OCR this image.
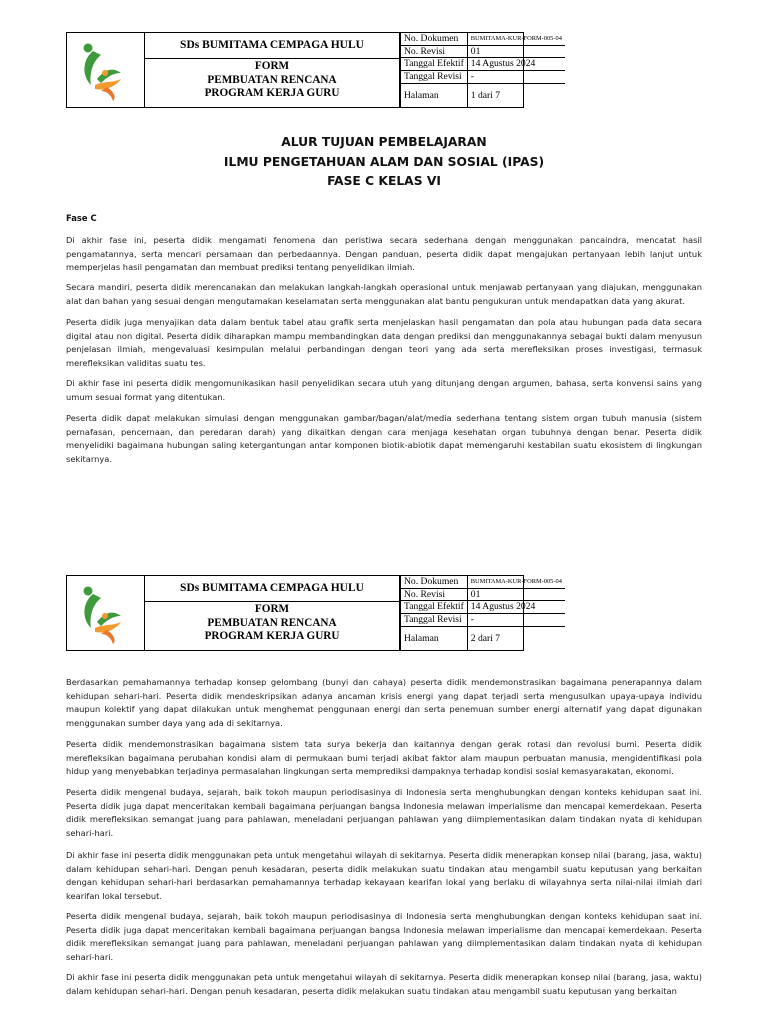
SDs BUMITAMA CEMPAGA HULU
FORM
PEMBUATAN RENCANA
PROGRAM KERJA GURU
No. Dokumen	BUMITAMA-KUR-FORM-005-04
No. Revisi	01
Tanggal Efektif	14 Agustus 2024
Tanggal Revisi	-
Halaman	1 dari 7
ALUR TUJUAN PEMBELAJARAN
ILMU PENGETAHUAN ALAM DAN SOSIAL (IPAS)
FASE C KELAS VI
Fase C

Di akhir fase ini, peserta didik mengamati fenomena dan peristiwa secara sederhana dengan menggunakan pancaindra, mencatat hasil pengamatannya, serta mencari persamaan dan perbedaannya. Dengan panduan, peserta didik dapat mengajukan pertanyaan lebih lanjut untuk memperjelas hasil pengamatan dan membuat prediksi tentang penyelidikan ilmiah.

Secara mandiri, peserta didik merencanakan dan melakukan langkah-langkah operasional untuk menjawab pertanyaan yang diajukan, menggunakan alat dan bahan yang sesuai dengan mengutamakan keselamatan serta menggunakan alat bantu pengukuran untuk mendapatkan data yang akurat.

Peserta didik juga menyajikan data dalam bentuk tabel atau grafik serta menjelaskan hasil pengamatan dan pola atau hubungan pada data secara digital atau non digital. Peserta didik diharapkan mampu membandingkan data dengan prediksi dan menggunakannya sebagai bukti dalam menyusun penjelasan ilmiah, mengevaluasi kesimpulan melalui perbandingan dengan teori yang ada serta merefleksikan proses investigasi, termasuk merefleksikan validitas suatu tes.

Di akhir fase ini peserta didik mengomunikasikan hasil penyelidikan secara utuh yang ditunjang dengan argumen, bahasa, serta konvensi sains yang umum sesuai format yang ditentukan.

Peserta didik dapat melakukan simulasi dengan menggunakan gambar/bagan/alat/media sederhana tentang sistem organ tubuh manusia (sistem pernafasan, pencernaan, dan peredaran darah) yang dikaitkan dengan cara menjaga kesehatan organ tubuhnya dengan benar. Peserta didik menyelidiki bagaimana hubungan saling ketergantungan antar komponen biotik-abiotik dapat memengaruhi kestabilan suatu ekosistem di lingkungan sekitarnya.

SDs BUMITAMA CEMPAGA HULU
FORM
PEMBUATAN RENCANA
PROGRAM KERJA GURU
No. Dokumen	BUMITAMA-KUR-FORM-005-04
No. Revisi	01
Tanggal Efektif	14 Agustus 2024
Tanggal Revisi	-
Halaman	2 dari 7

Berdasarkan pemahamannya terhadap konsep gelombang (bunyi dan cahaya) peserta didik mendemonstrasikan bagaimana penerapannya dalam kehidupan sehari-hari. Peserta didik mendeskripsikan adanya ancaman krisis energi yang dapat terjadi serta mengusulkan upaya-upaya individu maupun kolektif yang dapat dilakukan untuk menghemat penggunaan energi dan serta penemuan sumber energi alternatif yang dapat digunakan menggunakan sumber daya yang ada di sekitarnya.

Peserta didik mendemonstrasikan bagaimana sistem tata surya bekerja dan kaitannya dengan gerak rotasi dan revolusi bumi. Peserta didik merefleksikan bagaimana perubahan kondisi alam di permukaan bumi terjadi akibat faktor alam maupun perbuatan manusia, mengidentifikasi pola hidup yang menyebabkan terjadinya permasalahan lingkungan serta memprediksi dampaknya terhadap kondisi sosial kemasyarakatan, ekonomi.

Peserta didik mengenal budaya, sejarah, baik tokoh maupun periodisasinya di Indonesia serta menghubungkan dengan konteks kehidupan saat ini. Peserta didik juga dapat menceritakan kembali bagaimana perjuangan bangsa Indonesia melawan imperialisme dan mencapai kemerdekaan. Peserta didik merefleksikan semangat juang para pahlawan, meneladani perjuangan pahlawan yang diimplementasikan dalam tindakan nyata di kehidupan sehari-hari.

Di akhir fase ini peserta didik menggunakan peta untuk mengetahui wilayah di sekitarnya. Peserta didik menerapkan konsep nilai (barang, jasa, waktu) dalam kehidupan sehari-hari. Dengan penuh kesadaran, peserta didik melakukan suatu tindakan atau mengambil suatu keputusan yang berkaitan dengan kehidupan sehari-hari berdasarkan pemahamannya terhadap kekayaan kearifan lokal yang berlaku di wilayahnya serta nilai-nilai ilmiah dari kearifan lokal tersebut.

Peserta didik mengenal budaya, sejarah, baik tokoh maupun periodisasinya di Indonesia serta menghubungkan dengan konteks kehidupan saat ini. Peserta didik juga dapat menceritakan kembali bagaimana perjuangan bangsa Indonesia melawan imperialisme dan mencapai kemerdekaan. Peserta didik merefleksikan semangat juang para pahlawan, meneladani perjuangan pahlawan yang diimplementasikan dalam tindakan nyata di kehidupan sehari-hari.

Di akhir fase ini peserta didik menggunakan peta untuk mengetahui wilayah di sekitarnya. Peserta didik menerapkan konsep nilai (barang, jasa, waktu) dalam kehidupan sehari-hari. Dengan penuh kesadaran, peserta didik melakukan suatu tindakan atau mengambil suatu keputusan yang berkaitan
